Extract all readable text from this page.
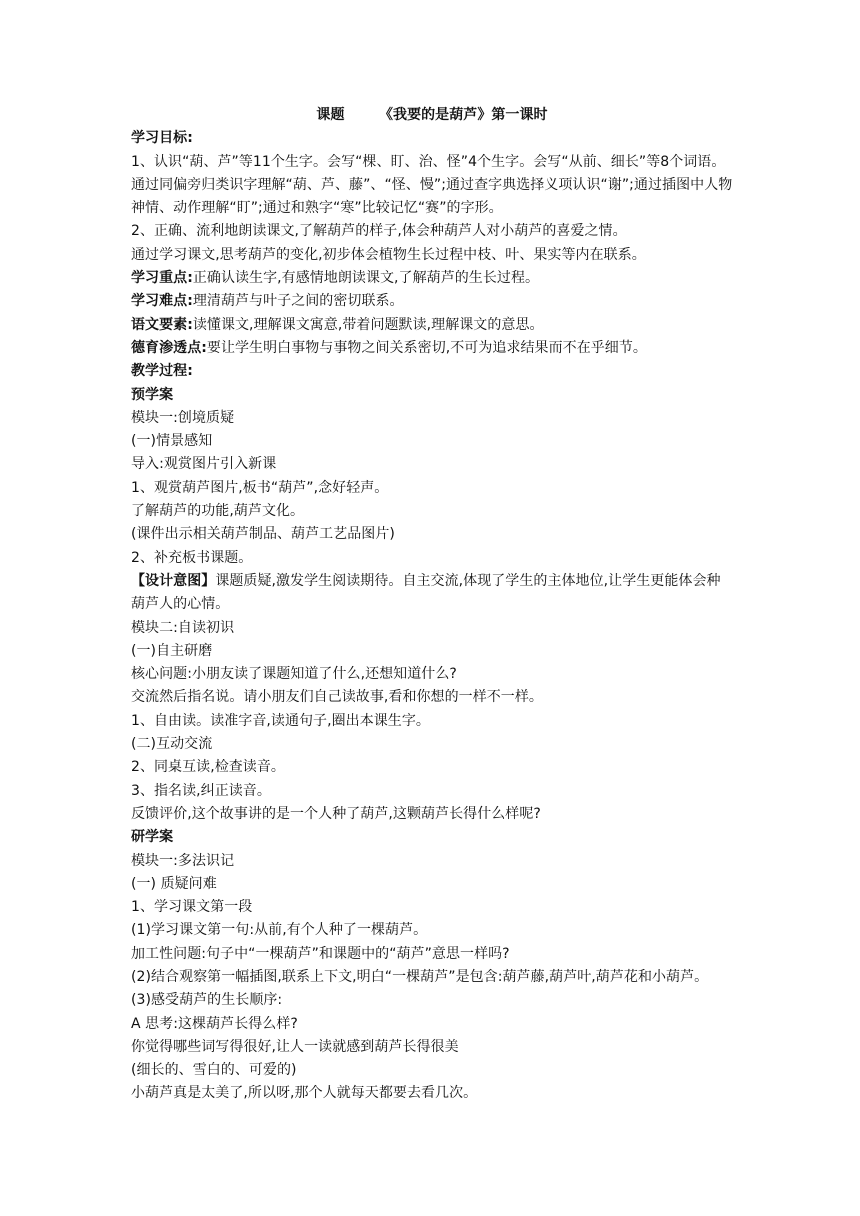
课题 《我要的是葫芦》第一课时

学习目标:

1、认识“葫、芦”等11个生字。会写“棵、盯、治、怪”4个生字。会写“从前、细长”等8个词语。通过同偏旁归类识字理解“葫、芦、藤”、“怪、慢”;通过查字典选择义项认识“谢”;通过插图中人物神情、动作理解“盯”;通过和熟字“寒”比较记忆“赛”的字形。

2、正确、流利地朗读课文,了解葫芦的样子,体会种葫芦人对小葫芦的喜爱之情。

通过学习课文,思考葫芦的变化,初步体会植物生长过程中枝、叶、果实等内在联系。

学习重点:正确认读生字,有感情地朗读课文,了解葫芦的生长过程。

学习难点:理清葫芦与叶子之间的密切联系。

语文要素:读懂课文,理解课文寓意,带着问题默读,理解课文的意思。

德育渗透点:要让学生明白事物与事物之间关系密切,不可为追求结果而不在乎细节。

教学过程:

预学案

模块一:创境质疑

(一)情景感知

导入:观赏图片引入新课

1、观赏葫芦图片,板书“葫芦”,念好轻声。

了解葫芦的功能,葫芦文化。

(课件出示相关葫芦制品、葫芦工艺品图片)

2、补充板书课题。

【设计意图】课题质疑,激发学生阅读期待。自主交流,体现了学生的主体地位,让学生更能体会种葫芦人的心情。

模块二:自读初识

(一)自主研磨

核心问题:小朋友读了课题知道了什么,还想知道什么?

交流然后指名说。请小朋友们自己读故事,看和你想的一样不一样。

1、自由读。读准字音,读通句子,圈出本课生字。

(二)互动交流

2、同桌互读,检查读音。

3、指名读,纠正读音。

反馈评价,这个故事讲的是一个人种了葫芦,这颗葫芦长得什么样呢?

研学案

模块一:多法识记

(一) 质疑问难

1、学习课文第一段

(1)学习课文第一句:从前,有个人种了一棵葫芦。

加工性问题:句子中“一棵葫芦”和课题中的“葫芦”意思一样吗?

(2)结合观察第一幅插图,联系上下文,明白“一棵葫芦”是包含:葫芦藤,葫芦叶,葫芦花和小葫芦。

(3)感受葫芦的生长顺序:

A 思考:这棵葫芦长得么样?

你觉得哪些词写得很好,让人一读就感到葫芦长得很美

(细长的、雪白的、可爱的)

小葫芦真是太美了,所以呀,那个人就每天都要去看几次。
